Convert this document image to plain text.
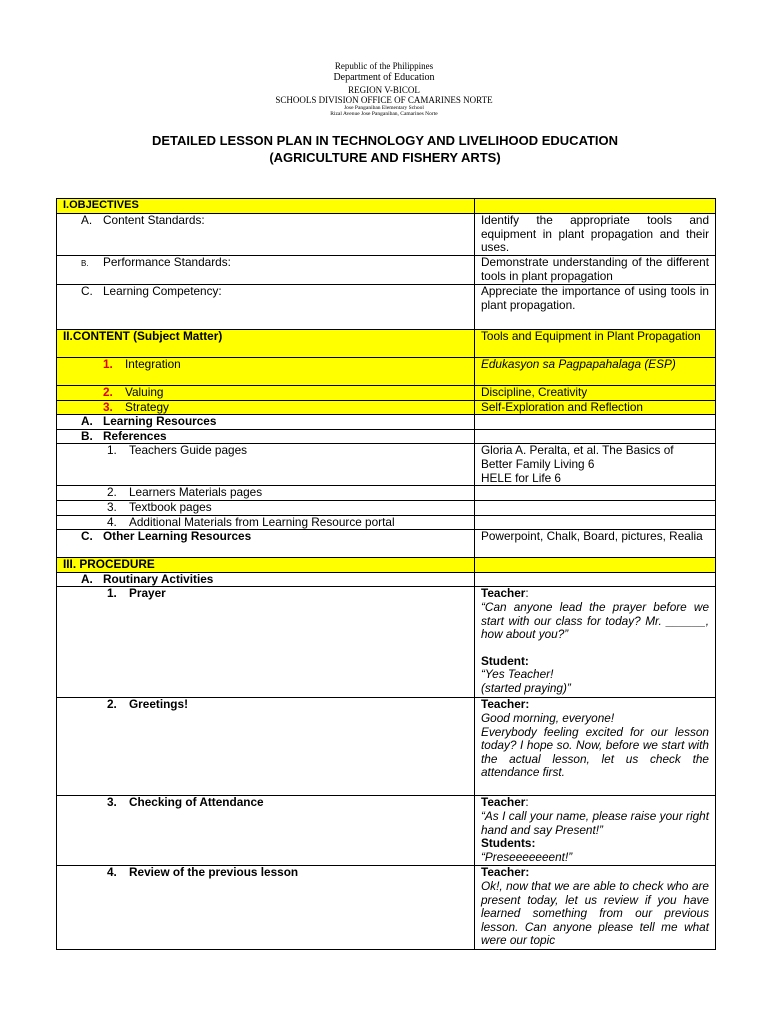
Republic of the Philippines
Department of Education
REGION V-BICOL
SCHOOLS DIVISION OFFICE OF CAMARINES NORTE
Jose Panganiban Elementary School
Rizal Avenue Jose Panganiban, Camarines Norte
DETAILED LESSON PLAN IN TECHNOLOGY AND LIVELIHOOD EDUCATION
(AGRICULTURE AND FISHERY ARTS)
I.OBJECTIVES	
A. Content Standards:	Identify the appropriate tools and equipment in plant propagation and their uses.
B. Performance Standards:	Demonstrate understanding of the different tools in plant propagation
C. Learning Competency:	Appreciate the importance of using tools in plant propagation.
II.CONTENT (Subject Matter)	Tools and Equipment in Plant Propagation
1. Integration	Edukasyon sa Pagpapahalaga (ESP)
2. Valuing	Discipline, Creativity
3. Strategy	Self-Exploration and Reflection
A. Learning Resources	
B. References	
1. Teachers Guide pages	Gloria A. Peralta, et al. The Basics of

Better Family Living 6

HELE for Life 6

2. Learners Materials pages	
3. Textbook pages	
4. Additional Materials from Learning Resource portal	
C. Other Learning Resources	Powerpoint, Chalk, Board, pictures, Realia
III. PROCEDURE	
A. Routinary Activities	
1. Prayer	Teacher:

“Can anyone lead the prayer before we start with our class for today? Mr. ______, how about you?”

Student:

“Yes Teacher!

(started praying)”

2. Greetings!	Teacher:

Good morning, everyone!

Everybody feeling excited for our lesson today? I hope so. Now, before we start with the actual lesson, let us check the attendance first.

3. Checking of Attendance	Teacher:

“As I call your name, please raise your right hand and say Present!”

Students:

“Preseeeeeeent!”

4. Review of the previous lesson	Teacher:

Ok!, now that we are able to check who are present today, let us review if you have learned something from our previous lesson. Can anyone please tell me what were our topic
